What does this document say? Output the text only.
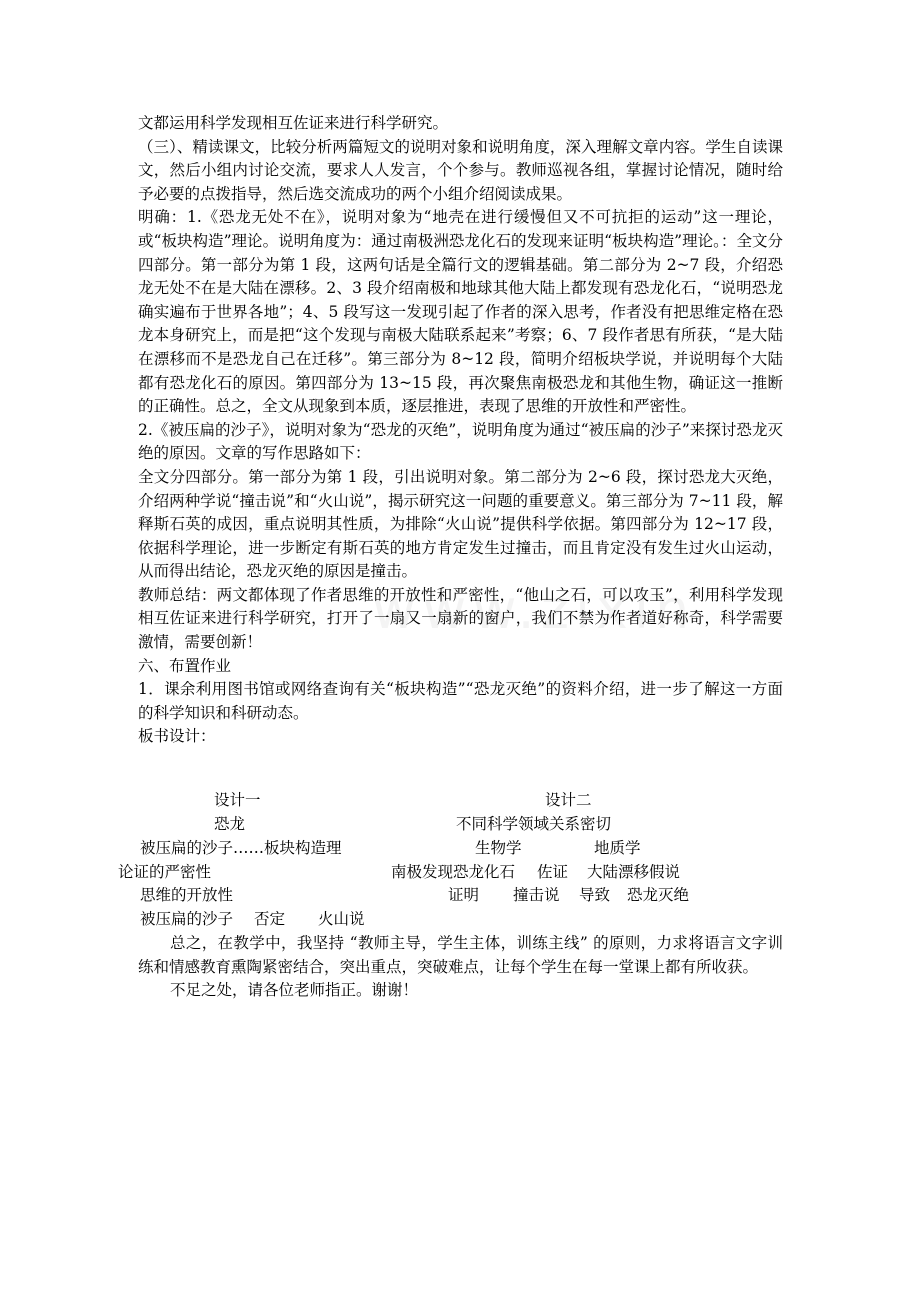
文都运用科学发现相互佐证来进行科学研究。

（三）、精读课文，比较分析两篇短文的说明对象和说明角度，深入理解文章内容。学生自读课文，然后小组内讨论交流，要求人人发言，个个参与。教师巡视各组，掌握讨论情况，随时给予必要的点拨指导，然后选交流成功的两个小组介绍阅读成果。

明确：1.《恐龙无处不在》，说明对象为“地壳在进行缓慢但又不可抗拒的运动”这一理论，或“板块构造”理论。说明角度为：通过南极洲恐龙化石的发现来证明“板块构造”理论。：全文分四部分。第一部分为第 1 段，这两句话是全篇行文的逻辑基础。第二部分为 2~7 段，介绍恐龙无处不在是大陆在漂移。2、3 段介绍南极和地球其他大陆上都发现有恐龙化石，“说明恐龙确实遍布于世界各地”；4、5 段写这一发现引起了作者的深入思考，作者没有把思维定格在恐龙本身研究上，而是把“这个发现与南极大陆联系起来”考察；6、7 段作者思有所获，“是大陆在漂移而不是恐龙自己在迁移”。第三部分为 8~12 段，简明介绍板块学说，并说明每个大陆都有恐龙化石的原因。第四部分为 13~15 段，再次聚焦南极恐龙和其他生物，确证这一推断的正确性。总之，全文从现象到本质，逐层推进，表现了思维的开放性和严密性。

2.《被压扁的沙子》，说明对象为“恐龙的灭绝”，说明角度为通过“被压扁的沙子”来探讨恐龙灭绝的原因。文章的写作思路如下：

全文分四部分。第一部分为第 1 段，引出说明对象。第二部分为 2~6 段，探讨恐龙大灭绝，介绍两种学说“撞击说”和“火山说”，揭示研究这一问题的重要意义。第三部分为 7~11 段，解释斯石英的成因，重点说明其性质，为排除“火山说”提供科学依据。第四部分为 12~17 段，依据科学理论，进一步断定有斯石英的地方肯定发生过撞击，而且肯定没有发生过火山运动，从而得出结论，恐龙灭绝的原因是撞击。

教师总结：两文都体现了作者思维的开放性和严密性，“他山之石，可以攻玉”，利用科学发现相互佐证来进行科学研究，打开了一扇又一扇新的窗户，我们不禁为作者道好称奇，科学需要激情，需要创新！

六、布置作业

1．课余利用图书馆或网络查询有关“板块构造”“恐龙灭绝”的资料介绍，进一步了解这一方面的科学知识和科研动态。

板书设计：

设计一	设计二
恐龙	不同科学领域关系密切
被压扁的沙子……板块构造理	生物学	地质学
论证的严密性	南极发现恐龙化石 佐证 大陆漂移假说
思维的开放性	证明 撞击说 导致 恐龙灭绝
被压扁的沙子 否定 火山说

总之，在教学中，我坚持 “教师主导，学生主体，训练主线” 的原则，力求将语言文字训练和情感教育熏陶紧密结合，突出重点，突破难点，让每个学生在每一堂课上都有所收获。

不足之处，请各位老师指正。谢谢！
